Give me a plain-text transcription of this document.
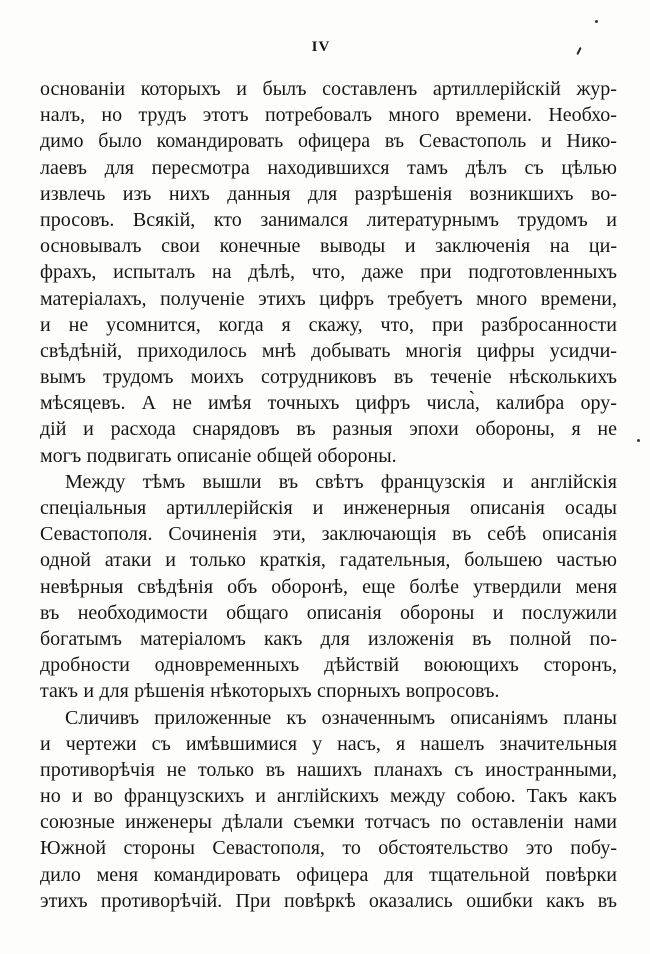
IV
основаніи которыхъ и былъ составленъ артиллерійскій жур-
налъ, но трудъ этотъ потребовалъ много времени. Необхо-
димо было командировать офицера въ Севастополь и Нико-
лаевъ для пересмотра находившихся тамъ дѣлъ съ цѣлью
извлечь изъ нихъ данныя для разрѣшенія возникшихъ во-
просовъ. Всякій, кто занимался литературнымъ трудомъ и
основывалъ свои конечные выводы и заключенія на ци-
фрахъ, испыталъ на дѣлѣ, что, даже при подготовленныхъ
матеріалахъ, полученіе этихъ цифръ требуетъ много времени,
и не усомнится, когда я скажу, что, при разбросанности
свѣдѣній, приходилось мнѣ добывать многія цифры усидчи-
вымъ трудомъ моихъ сотрудниковъ въ теченіе нѣсколькихъ
мѣсяцевъ. А не имѣя точныхъ цифръ числа̀, калибра ору-
дій и расхода снарядовъ въ разныя эпохи обороны, я не
могъ подвигать описаніе общей обороны.
Между тѣмъ вышли въ свѣтъ французскія и англійскія
спеціальныя артиллерійскія и инженерныя описанія осады
Севастополя. Сочиненія эти, заключающія въ себѣ описанія
одной атаки и только краткія, гадательныя, большею частью
невѣрныя свѣдѣнія объ оборонѣ, еще болѣе утвердили меня
въ необходимости общаго описанія обороны и послужили
богатымъ матеріаломъ какъ для изложенія въ полной по-
дробности одновременныхъ дѣйствій воюющихъ сторонъ,
такъ и для рѣшенія нѣкоторыхъ спорныхъ вопросовъ.
Сличивъ приложенные къ означеннымъ описаніямъ планы
и чертежи съ имѣвшимися у насъ, я нашелъ значительныя
противорѣчія не только въ нашихъ планахъ съ иностранными,
но и во французскихъ и англійскихъ между собою. Такъ какъ
союзные инженеры дѣлали съемки тотчасъ по оставленіи нами
Южной стороны Севастополя, то обстоятельство это побу-
дило меня командировать офицера для тщательной повѣрки
этихъ противорѣчій. При повѣркѣ оказались ошибки какъ въ
